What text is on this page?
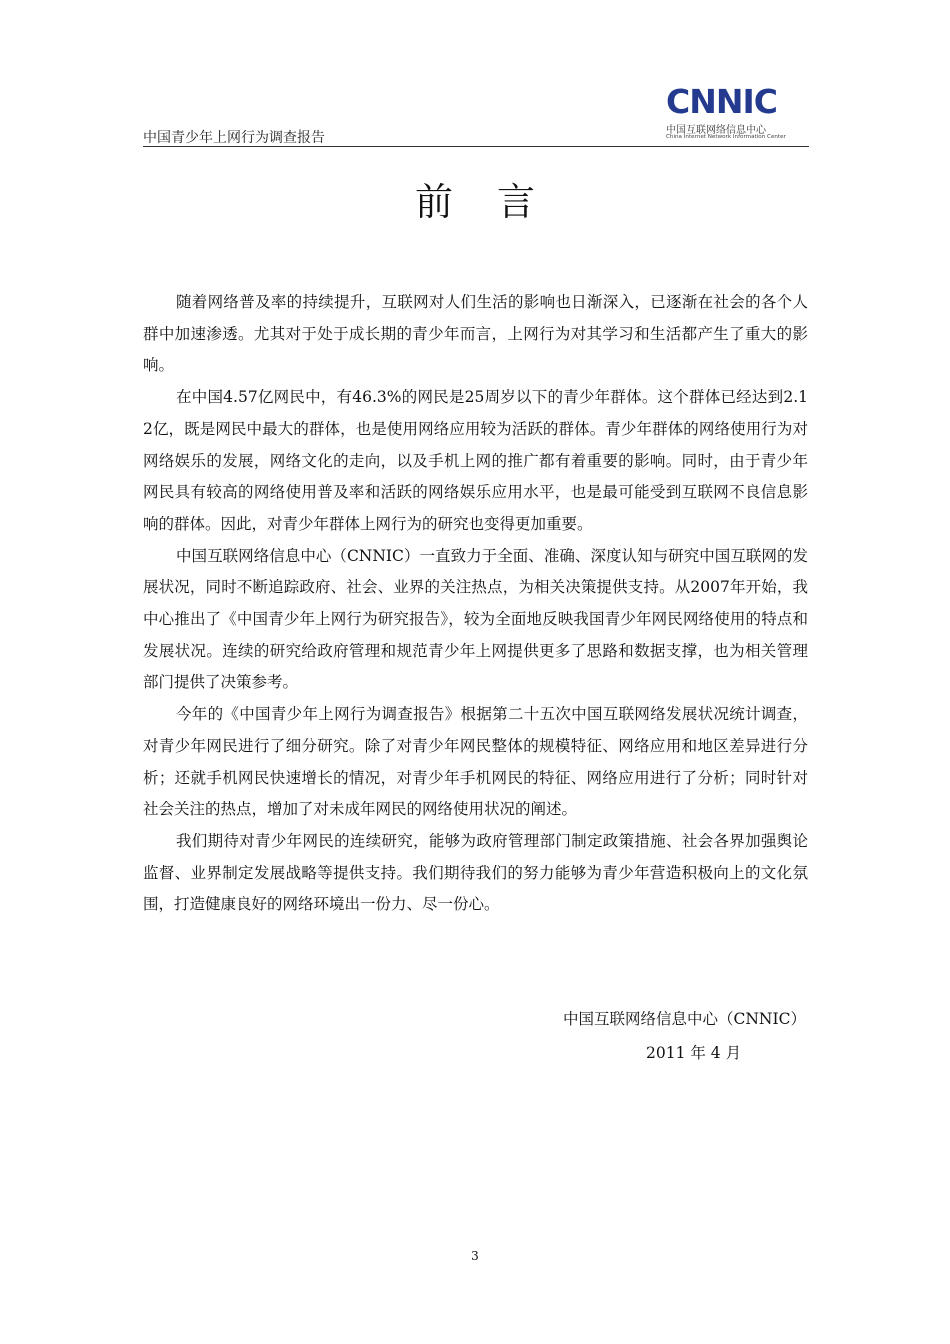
中国青少年上网行为调查报告
CNNIC
中国互联网络信息中心
China Internet Network Information Center
前言

随着网络普及率的持续提升，互联网对人们生活的影响也日渐深入，已逐渐在社会的各个人群中加速渗透。尤其对于处于成长期的青少年而言，上网行为对其学习和生活都产生了重大的影响。

在中国4.57亿网民中，有46.3%的网民是25周岁以下的青少年群体。这个群体已经达到2.12亿，既是网民中最大的群体，也是使用网络应用较为活跃的群体。青少年群体的网络使用行为对网络娱乐的发展，网络文化的走向，以及手机上网的推广都有着重要的影响。同时，由于青少年网民具有较高的网络使用普及率和活跃的网络娱乐应用水平，也是最可能受到互联网不良信息影响的群体。因此，对青少年群体上网行为的研究也变得更加重要。

中国互联网络信息中心（CNNIC）一直致力于全面、准确、深度认知与研究中国互联网的发展状况，同时不断追踪政府、社会、业界的关注热点，为相关决策提供支持。从2007年开始，我中心推出了《中国青少年上网行为研究报告》，较为全面地反映我国青少年网民网络使用的特点和发展状况。连续的研究给政府管理和规范青少年上网提供更多了思路和数据支撑，也为相关管理部门提供了决策参考。

今年的《中国青少年上网行为调查报告》根据第二十五次中国互联网络发展状况统计调查，对青少年网民进行了细分研究。除了对青少年网民整体的规模特征、网络应用和地区差异进行分析；还就手机网民快速增长的情况，对青少年手机网民的特征、网络应用进行了分析；同时针对社会关注的热点，增加了对未成年网民的网络使用状况的阐述。

我们期待对青少年网民的连续研究，能够为政府管理部门制定政策措施、社会各界加强舆论监督、业界制定发展战略等提供支持。我们期待我们的努力能够为青少年营造积极向上的文化氛围，打造健康良好的网络环境出一份力、尽一份心。

中国互联网络信息中心（CNNIC）
2011 年 4 月
3
